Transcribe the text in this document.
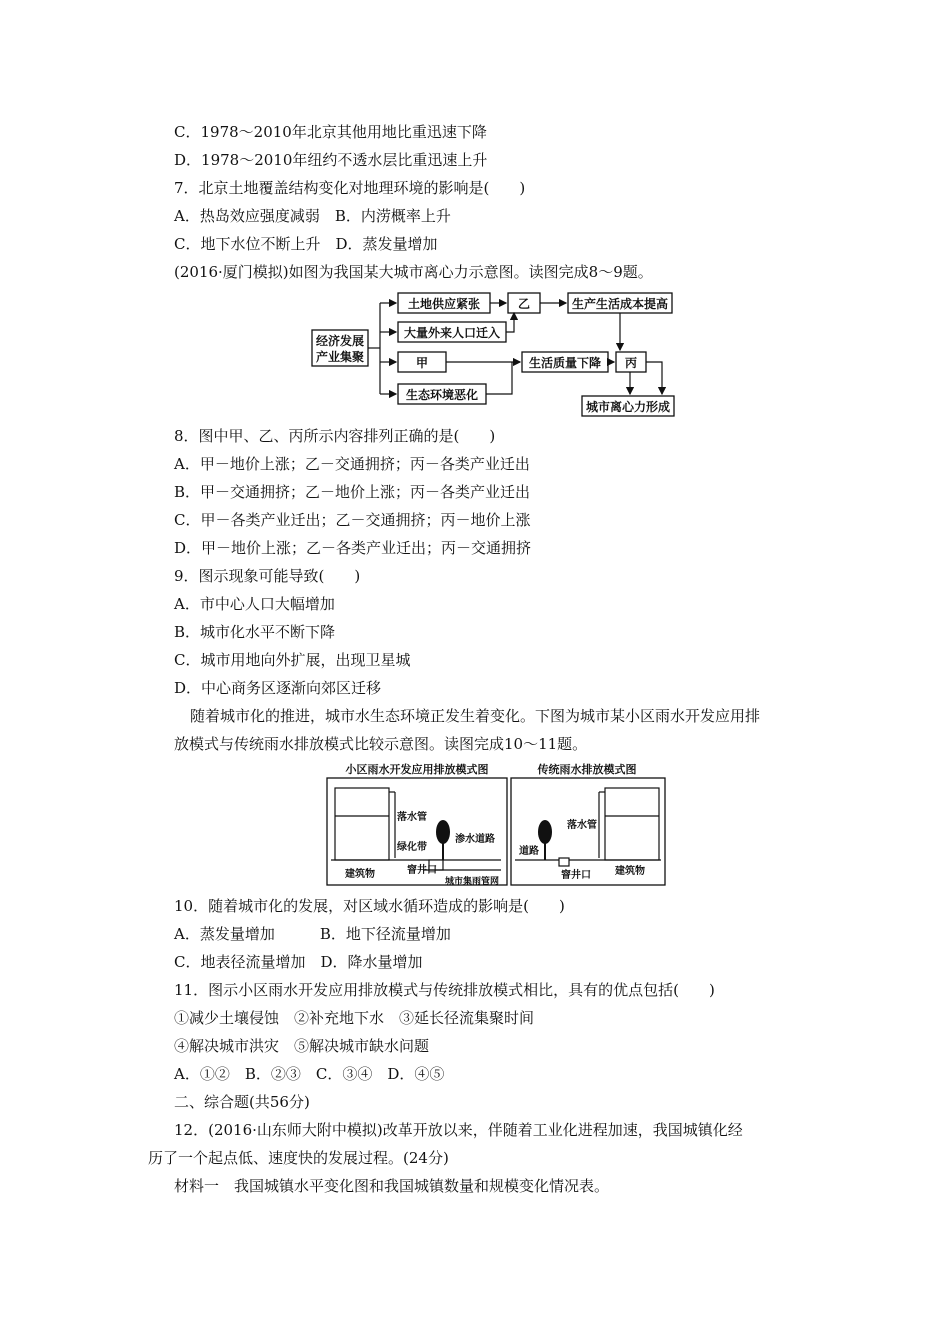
C．1978～2010年北京其他用地比重迅速下降
D．1978～2010年纽约不透水层比重迅速上升
7．北京土地覆盖结构变化对地理环境的影响是(　　)
A．热岛效应强度减弱　B．内涝概率上升
C．地下水位不断上升　D．蒸发量增加
(2016·厦门模拟)如图为我国某大城市离心力示意图。读图完成8～9题。
经济发展
产业集聚
土地供应紧张	乙	生产生活成本提高
大量外来人口迁入
甲	生活质量下降 丙
生态环境恶化
城市离心力形成
8．图中甲、乙、丙所示内容排列正确的是(　　)
A．甲－地价上涨；乙－交通拥挤；丙－各类产业迁出
B．甲－交通拥挤；乙－地价上涨；丙－各类产业迁出
C．甲－各类产业迁出；乙－交通拥挤；丙－地价上涨
D．甲－地价上涨；乙－各类产业迁出；丙－交通拥挤
9．图示现象可能导致(　　)
A．市中心人口大幅增加
B．城市化水平不断下降
C．城市用地向外扩展，出现卫星城
D．中心商务区逐渐向郊区迁移
随着城市化的推进，城市水生态环境正发生着变化。下图为城市某小区雨水开发应用排
放模式与传统雨水排放模式比较示意图。读图完成10～11题。
小区雨水开发应用排放模式图	传统雨水排放模式图
落水管
绿化带
渗水道路
建筑物	窨井口
城市集雨管网
落水管
道路
窨井口 建筑物
10．随着城市化的发展，对区域水循环造成的影响是(　　)
A．蒸发量增加　　　B．地下径流量增加
C．地表径流量增加　D．降水量增加
11．图示小区雨水开发应用排放模式与传统排放模式相比，具有的优点包括(　　)
①减少土壤侵蚀　②补充地下水　③延长径流集聚时间
④解决城市洪灾　⑤解决城市缺水问题
A．①②　B．②③　C．③④　D．④⑤
二、综合题(共56分)
12．(2016·山东师大附中模拟)改革开放以来，伴随着工业化进程加速，我国城镇化经
历了一个起点低、速度快的发展过程。(24分)
材料一　我国城镇水平变化图和我国城镇数量和规模变化情况表。
